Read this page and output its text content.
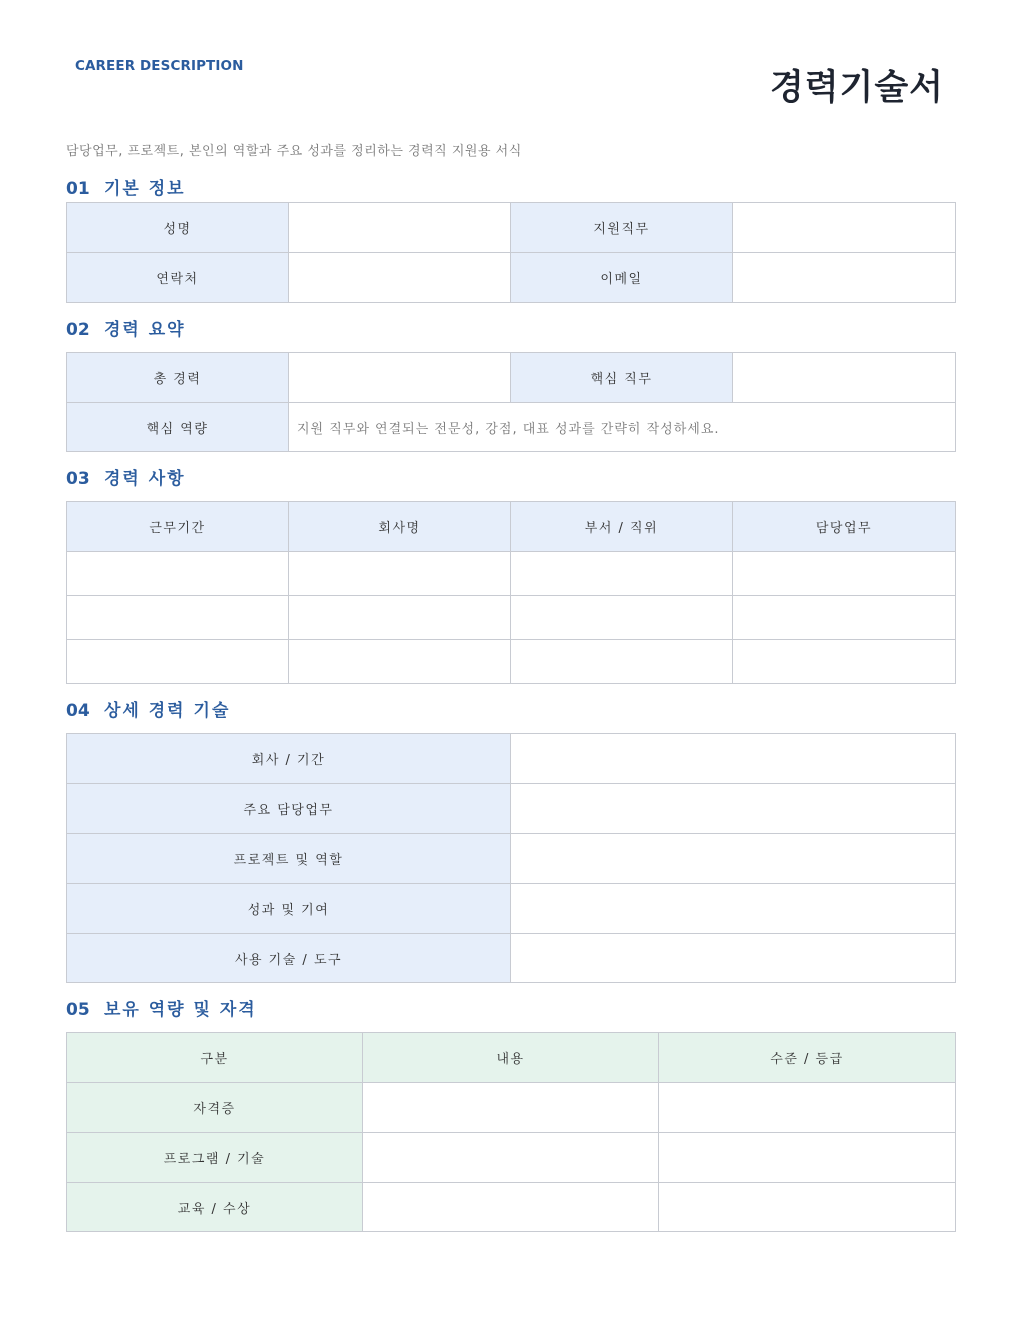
CAREER DESCRIPTION
경력기술서
담당업무, 프로젝트, 본인의 역할과 주요 성과를 정리하는 경력직 지원용 서식
01 기본 정보
성명		지원직무	
연락처		이메일	
02 경력 요약
총 경력		핵심 직무	
핵심 역량	지원 직무와 연결되는 전문성, 강점, 대표 성과를 간략히 작성하세요.		
03 경력 사항
근무기간	회사명	부서 / 직위	담당업무

04 상세 경력 기술
회사 / 기간	
주요 담당업무	
프로젝트 및 역할	
성과 및 기여	
사용 기술 / 도구	
05 보유 역량 및 자격
구분	내용	수준 / 등급
자격증		
프로그램 / 기술		
교육 / 수상		
